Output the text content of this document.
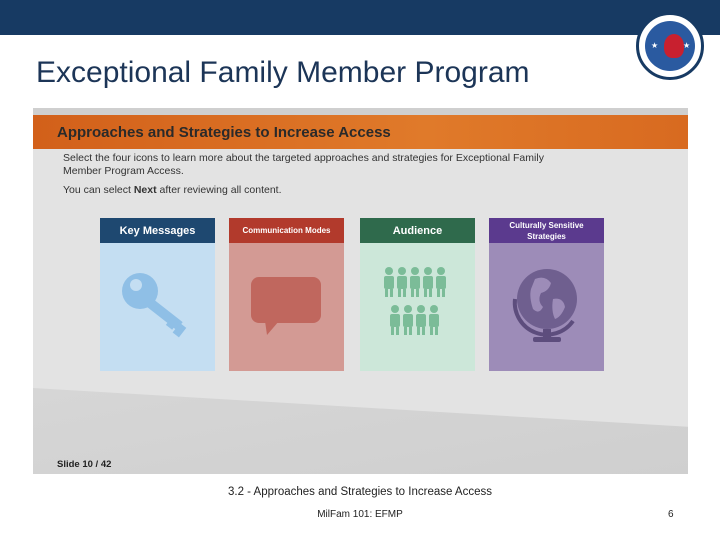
Exceptional Family Member Program
★	★
Approaches and Strategies to Increase Access
Select the four icons to learn more about the targeted approaches and strategies for Exceptional Family Member Program Access.
You can select Next after reviewing all content.
Key Messages	Communication Modes	Audience	Culturally Sensitive Strategies
Slide 10 / 42
3.2 - Approaches and Strategies to Increase Access
MilFam 101: EFMP	6
